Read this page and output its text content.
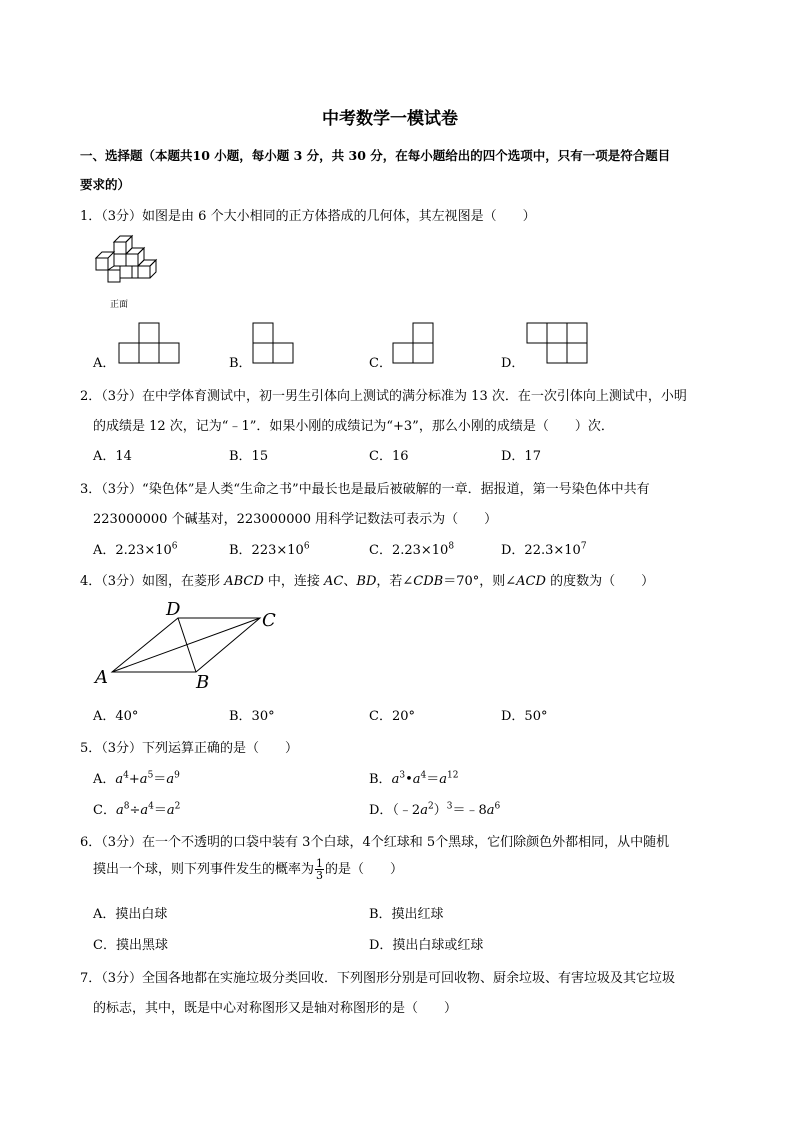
中考数学一模试卷
一、选择题（本题共10 小题，每小题 3 分，共 30 分，在每小题给出的四个选项中，只有一项是符合题目
要求的）
1．（3分）如图是由 6 个大小相同的正方体搭成的几何体，其左视图是（　　）
正面
A．	B．	C．	D．
2．（3分）在中学体育测试中，初一男生引体向上测试的满分标准为 13 次．在一次引体向上测试中，小明
的成绩是 12 次，记为“﹣1”．如果小刚的成绩记为“+3”，那么小刚的成绩是（　　）次．
A．14	B．15	C．16	D．17
3．（3分）“染色体”是人类“生命之书”中最长也是最后被破解的一章．据报道，第一号染色体中共有
223000000 个碱基对，223000000 用科学记数法可表示为（　　）
A．$2.23\times 10^6$	B．$223\times 10^6$	C．$2.23\times 10^8$	D．$22.3\times 10^7$
4．（3分）如图，在菱形 ABCD 中，连接 AC、BD，若∠CDB＝70°，则∠ACD 的度数为（　　）
D
C
A	B
A．40°	B．30°	C．20°	D．50°
5．（3分）下列运算正确的是（　　）
A．$a^4+a^5=a^9$	B．$a^3•a^4=a^{12}$
C．$a^8\div a^4=a^2$	D．$(﹣2a^2)^3=﹣8a^6$
6．（3分）在一个不透明的口袋中装有 3个白球，4个红球和 5个黑球，它们除颜色外都相同，从中随机
摸出一个球，则下列事件发生的概率为 $\frac{1}{3}$ 的是（　　）
A．摸出白球	B．摸出红球
C．摸出黑球	D．摸出白球或红球
7．（3分）全国各地都在实施垃圾分类回收．下列图形分别是可回收物、厨余垃圾、有害垃圾及其它垃圾
的标志，其中，既是中心对称图形又是轴对称图形的是（　　）
